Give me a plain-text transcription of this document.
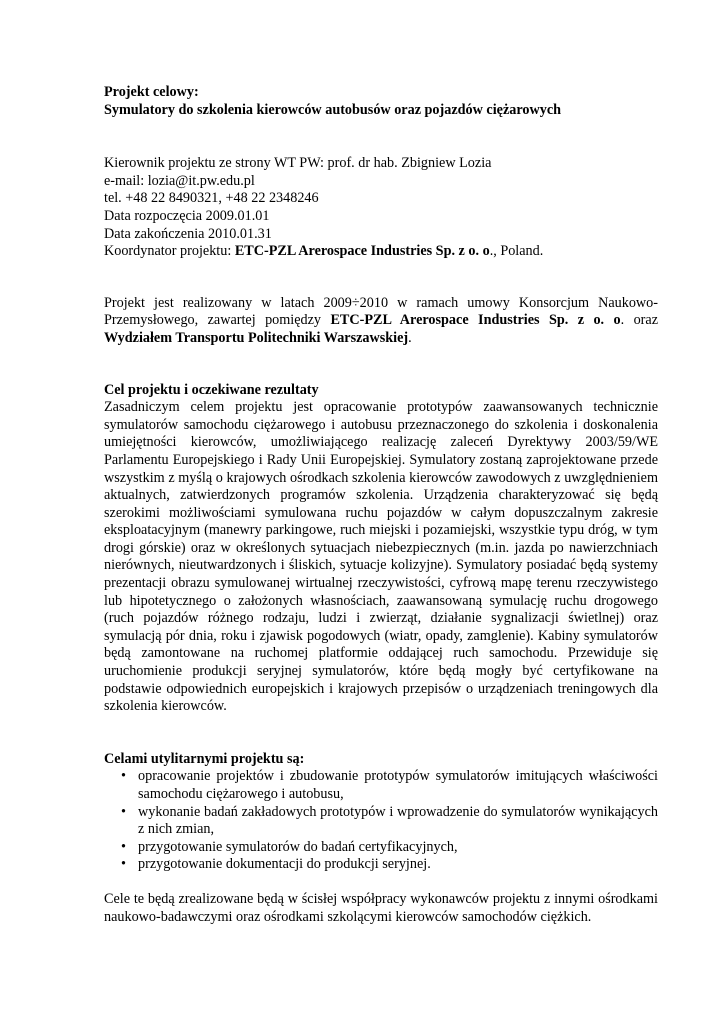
Projekt celowy:
Symulatory do szkolenia kierowców autobusów oraz pojazdów ciężarowych
Kierownik projektu ze strony WT PW: prof. dr hab. Zbigniew Lozia
e-mail: lozia@it.pw.edu.pl
tel. +48 22 8490321, +48 22 2348246
Data rozpoczęcia 2009.01.01
Data zakończenia 2010.01.31
Koordynator projektu: ETC-PZL Arerospace Industries Sp. z o. o., Poland.

Projekt jest realizowany w latach 2009÷2010 w ramach umowy Konsorcjum Naukowo-Przemysłowego, zawartej pomiędzy ETC-PZL Arerospace Industries Sp. z o. o. oraz Wydziałem Transportu Politechniki Warszawskiej.

Cel projektu i oczekiwane rezultaty

Zasadniczym celem projektu jest opracowanie prototypów zaawansowanych technicznie symulatorów samochodu ciężarowego i autobusu przeznaczonego do szkolenia i doskonalenia umiejętności kierowców, umożliwiającego realizację zaleceń Dyrektywy 2003/59/WE Parlamentu Europejskiego i Rady Unii Europejskiej. Symulatory zostaną zaprojektowane przede wszystkim z myślą o krajowych ośrodkach szkolenia kierowców zawodowych z uwzględnieniem aktualnych, zatwierdzonych programów szkolenia. Urządzenia charakteryzować się będą szerokimi możliwościami symulowana ruchu pojazdów w całym dopuszczalnym zakresie eksploatacyjnym (manewry parkingowe, ruch miejski i pozamiejski, wszystkie typu dróg, w tym drogi górskie) oraz w określonych sytuacjach niebezpiecznych (m.in. jazda po nawierzchniach nierównych, nieutwardzonych i śliskich, sytuacje kolizyjne). Symulatory posiadać będą systemy prezentacji obrazu symulowanej wirtualnej rzeczywistości, cyfrową mapę terenu rzeczywistego lub hipotetycznego o założonych własnościach, zaawansowaną symulację ruchu drogowego (ruch pojazdów różnego rodzaju, ludzi i zwierząt, działanie sygnalizacji świetlnej) oraz symulacją pór dnia, roku i zjawisk pogodowych (wiatr, opady, zamglenie). Kabiny symulatorów będą zamontowane na ruchomej platformie oddającej ruch samochodu. Przewiduje się uruchomienie produkcji seryjnej symulatorów, które będą mogły być certyfikowane na podstawie odpowiednich europejskich i krajowych przepisów o urządzeniach treningowych dla szkolenia kierowców.

Celami utylitarnymi projektu są:
• opracowanie projektów i zbudowanie prototypów symulatorów imitujących właściwości samochodu ciężarowego i autobusu,
• wykonanie badań zakładowych prototypów i wprowadzenie do symulatorów wynikających z nich zmian,
• przygotowanie symulatorów do badań certyfikacyjnych,
• przygotowanie dokumentacji do produkcji seryjnej.

Cele te będą zrealizowane będą w ścisłej współpracy wykonawców projektu z innymi ośrodkami naukowo-badawczymi oraz ośrodkami szkolącymi kierowców samochodów ciężkich.
